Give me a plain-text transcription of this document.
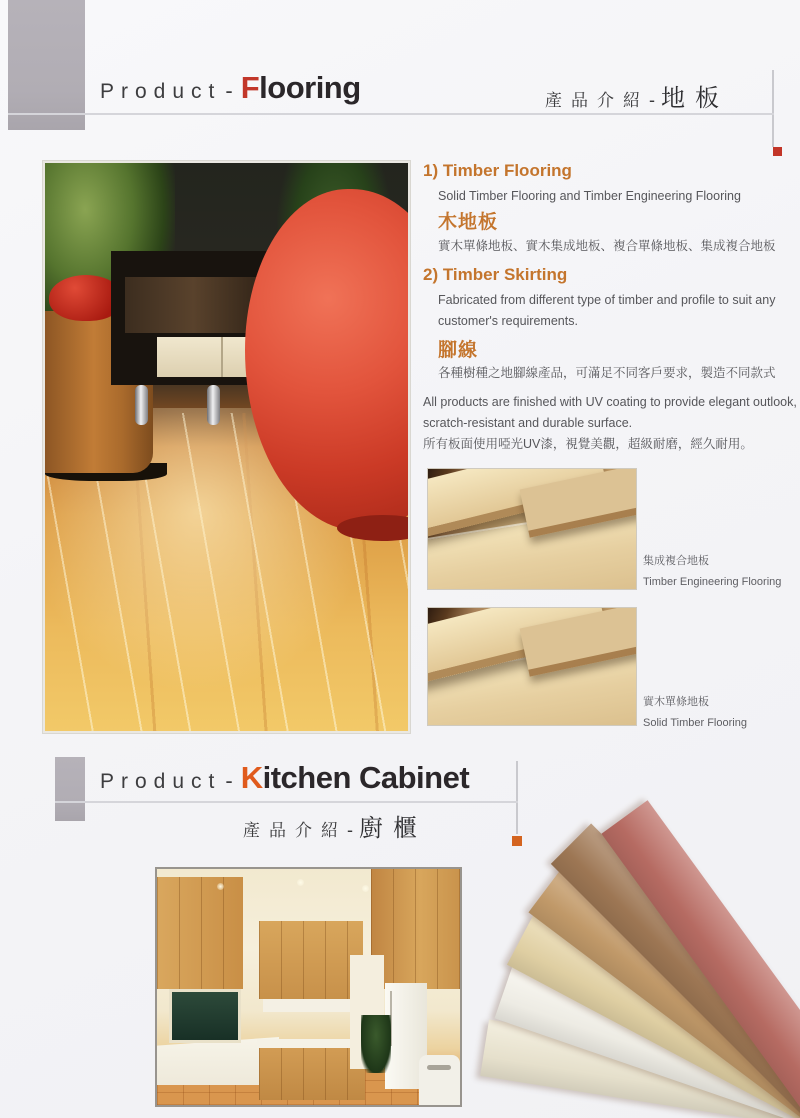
Product - Flooring	產品介紹 - 地板
1) Timber Flooring
Solid Timber Flooring and Timber Engineering Flooring
木地板
實木單條地板、實木集成地板、複合單條地板、集成複合地板
2) Timber Skirting
Fabricated from different type of timber and profile to suit any customer's requirements.
腳線
各種樹種之地腳線產品，可滿足不同客戶要求，製造不同款式
All products are finished with UV coating to provide elegant outlook, scratch-resistant and durable surface.
所有板面使用啞光UV漆，視覺美觀，超級耐磨，經久耐用。
集成複合地板
Timber Engineering Flooring
實木單條地板
Solid Timber Flooring
Product - Kitchen Cabinet
產品介紹 - 廚櫃
